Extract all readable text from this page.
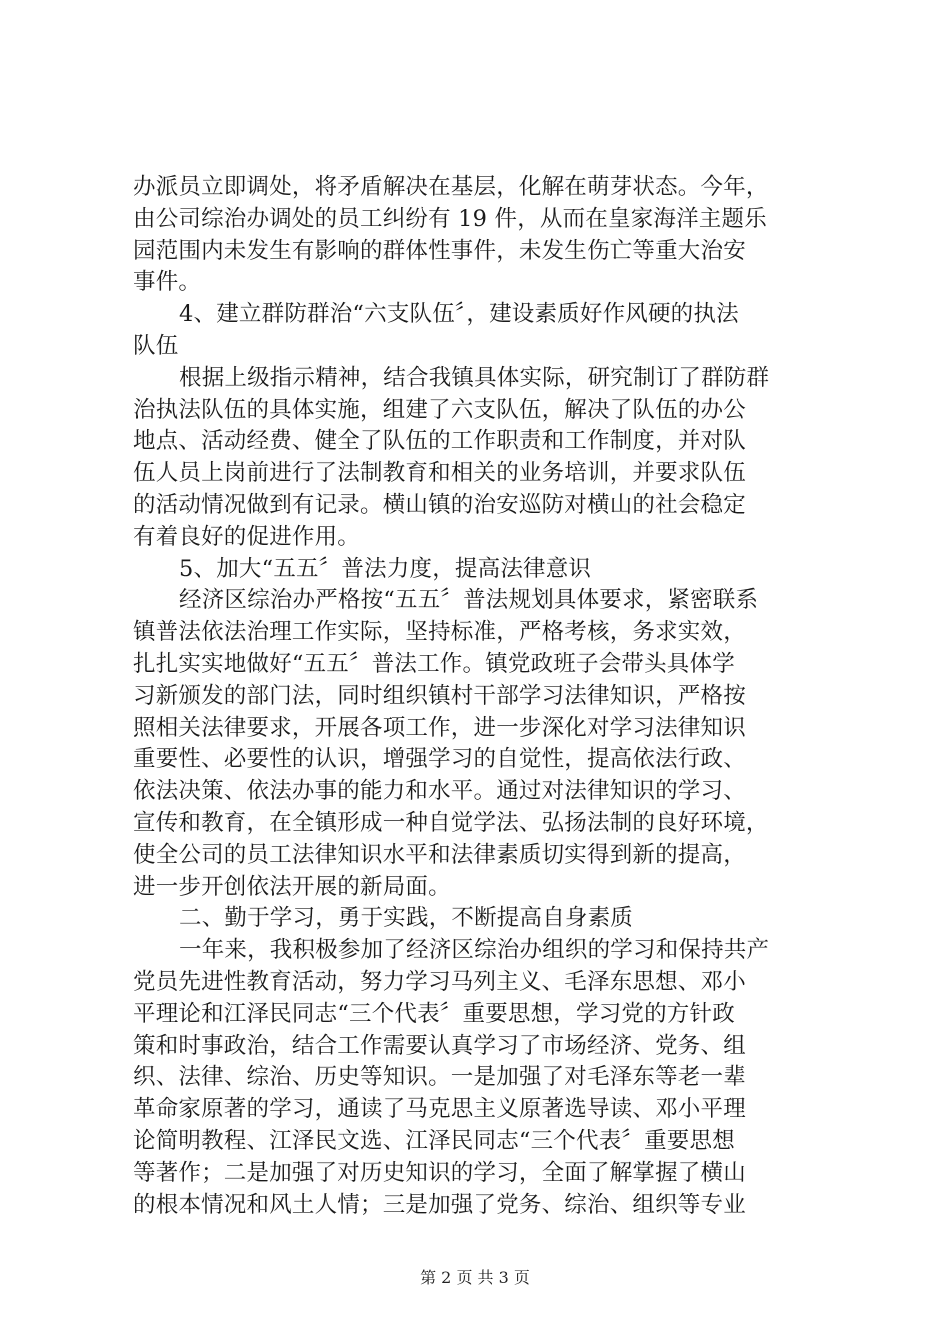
办派员立即调处，将矛盾解决在基层，化解在萌芽状态。今年，
由公司综治办调处的员工纠纷有 19 件，从而在皇家海洋主题乐
园范围内未发生有影响的群体性事件，未发生伤亡等重大治安
事件。
4、建立群防群治“六支队伍〞，建设素质好作风硬的执法
队伍
根据上级指示精神，结合我镇具体实际，研究制订了群防群
治执法队伍的具体实施，组建了六支队伍，解决了队伍的办公
地点、活动经费、健全了队伍的工作职责和工作制度，并对队
伍人员上岗前进行了法制教育和相关的业务培训，并要求队伍
的活动情况做到有记录。横山镇的治安巡防对横山的社会稳定
有着良好的促进作用。
5、加大“五五〞普法力度，提高法律意识
经济区综治办严格按“五五〞普法规划具体要求，紧密联系
镇普法依法治理工作实际，坚持标准，严格考核，务求实效，
扎扎实实地做好“五五〞普法工作。镇党政班子会带头具体学
习新颁发的部门法，同时组织镇村干部学习法律知识，严格按
照相关法律要求，开展各项工作，进一步深化对学习法律知识
重要性、必要性的认识，增强学习的自觉性，提高依法行政、
依法决策、依法办事的能力和水平。通过对法律知识的学习、
宣传和教育，在全镇形成一种自觉学法、弘扬法制的良好环境，
使全公司的员工法律知识水平和法律素质切实得到新的提高，
进一步开创依法开展的新局面。
二、勤于学习，勇于实践，不断提高自身素质
一年来，我积极参加了经济区综治办组织的学习和保持共产
党员先进性教育活动，努力学习马列主义、毛泽东思想、邓小
平理论和江泽民同志“三个代表〞重要思想，学习党的方针政
策和时事政治，结合工作需要认真学习了市场经济、党务、组
织、法律、综治、历史等知识。一是加强了对毛泽东等老一辈
革命家原著的学习，通读了马克思主义原著选导读、邓小平理
论简明教程、江泽民文选、江泽民同志“三个代表〞重要思想
等著作；二是加强了对历史知识的学习，全面了解掌握了横山
的根本情况和风土人情；三是加强了党务、综治、组织等专业
第 2 页 共 3 页
